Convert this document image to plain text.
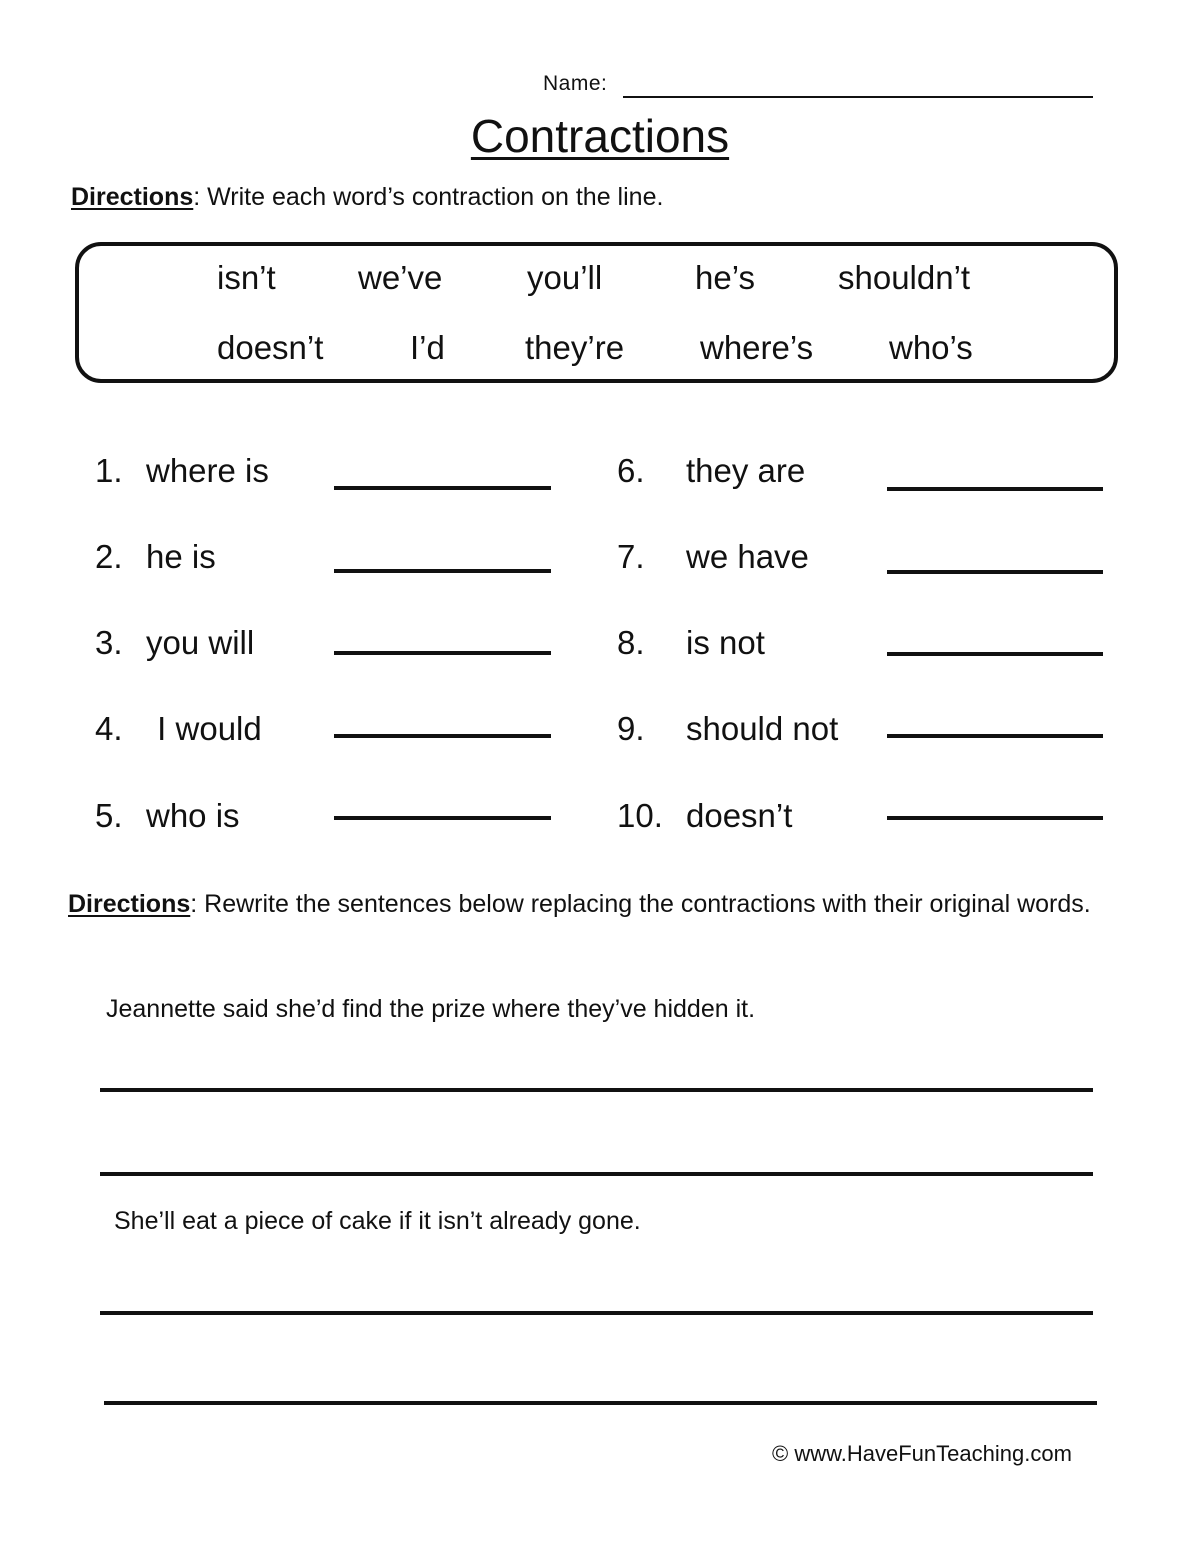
Name:
Contractions
Directions: Write each word’s contraction on the line.
isn’t we’ve	you’ll	he’s	shouldn’t
doesn’t	I’d they’re where’s who’s
1. where is
2. he is
3. you will
4. I would
5. who is
6. they are
7. we have
8. is not
9. should not
10. doesn’t
Directions: Rewrite the sentences below replacing the contractions with their original words.
Jeannette said she’d find the prize where they’ve hidden it.
She’ll eat a piece of cake if it isn’t already gone.
© www.HaveFunTeaching.com
